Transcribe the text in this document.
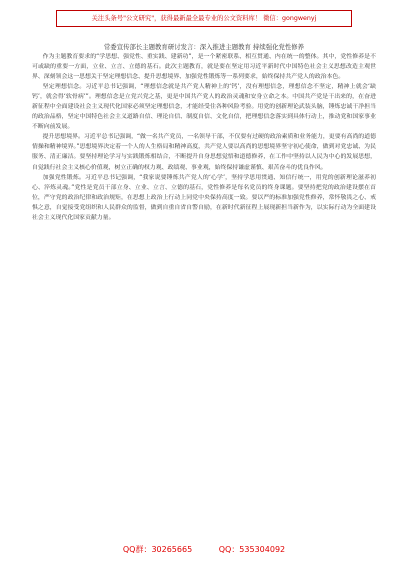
关注头条号"公文研究"，获得最新最全最专业的公文资料库！ 微信：gongwenyj
常委宣传部长主题教育研讨发言：深入推进主题教育 持续强化党性修养

作为主题教育要求的“学思想、强党性、重实践、建新功”，是一个紧密联系、相互贯通、内在统一的整体。其中，党性修养是不可或缺的重要一方面，立业、立言、立德的基石。此次主题教育，就是要在坚定用习近平新时代中国特色社会主义思想改造主观世界、深刻领会这一思想关于坚定理想信念、提升思想境界、加强党性锻炼等一系列要求，始终保持共产党人的政治本色。

坚定理想信念。习近平总书记强调，“理想信念就是共产党人精神上的‘钙’，没有理想信念，理想信念不坚定，精神上就会‘缺钙’，就会得‘软骨病’”。理想信念是立党兴党之基，更是中国共产党人的政治灵魂和安身立命之本。中国共产党是干出来的，在奋进新征程中全面建设社会主义现代化国家必须坚定理想信念，才能经受住各种风险考验。用党的创新理论武装头脑，锤炼忠诚干净担当的政治品格，坚定中国特色社会主义道路自信、理论自信、制度自信、文化自信，把理想信念落实到具体行动上，推动党和国家事业不断向前发展。

提升思想境界。习近平总书记强调，“做一名共产党员，一名领导干部，不仅要有过硬的政治素质和业务能力，更要有高尚的道德情操和精神境界。”思想境界决定着一个人的人生格局和精神高度，共产党人要以高尚的思想境界坚守初心使命，做到对党忠诚、为民服务、清正廉洁。要坚持理论学习与实践锻炼相结合，不断提升自身思想觉悟和道德修养，在工作中坚持以人民为中心的发展思想，自觉践行社会主义核心价值观，树立正确的权力观、政绩观、事业观，始终保持谦虚谨慎、艰苦奋斗的优良作风。

加强党性锻炼。习近平总书记强调，“我家说要锤炼共产党人的‘心学’，坚持学思用贯通、知信行统一，用党的创新理论滋养初心、淬炼灵魂。”党性是党员干部立身、立业、立言、立德的基石，党性修养是每名党员的终身课题。要坚持把党的政治建设摆在首位，严守党的政治纪律和政治规矩，在思想上政治上行动上同党中央保持高度一致。要以严的标准加强党性修养，常怀敬畏之心、戒惧之意，自觉接受党组织和人民群众的监督，做到自重自省自警自励，在新时代新征程上展现新担当新作为，以实际行动为全面建设社会主义现代化国家贡献力量。

QQ群：30265665	QQ：535304092
